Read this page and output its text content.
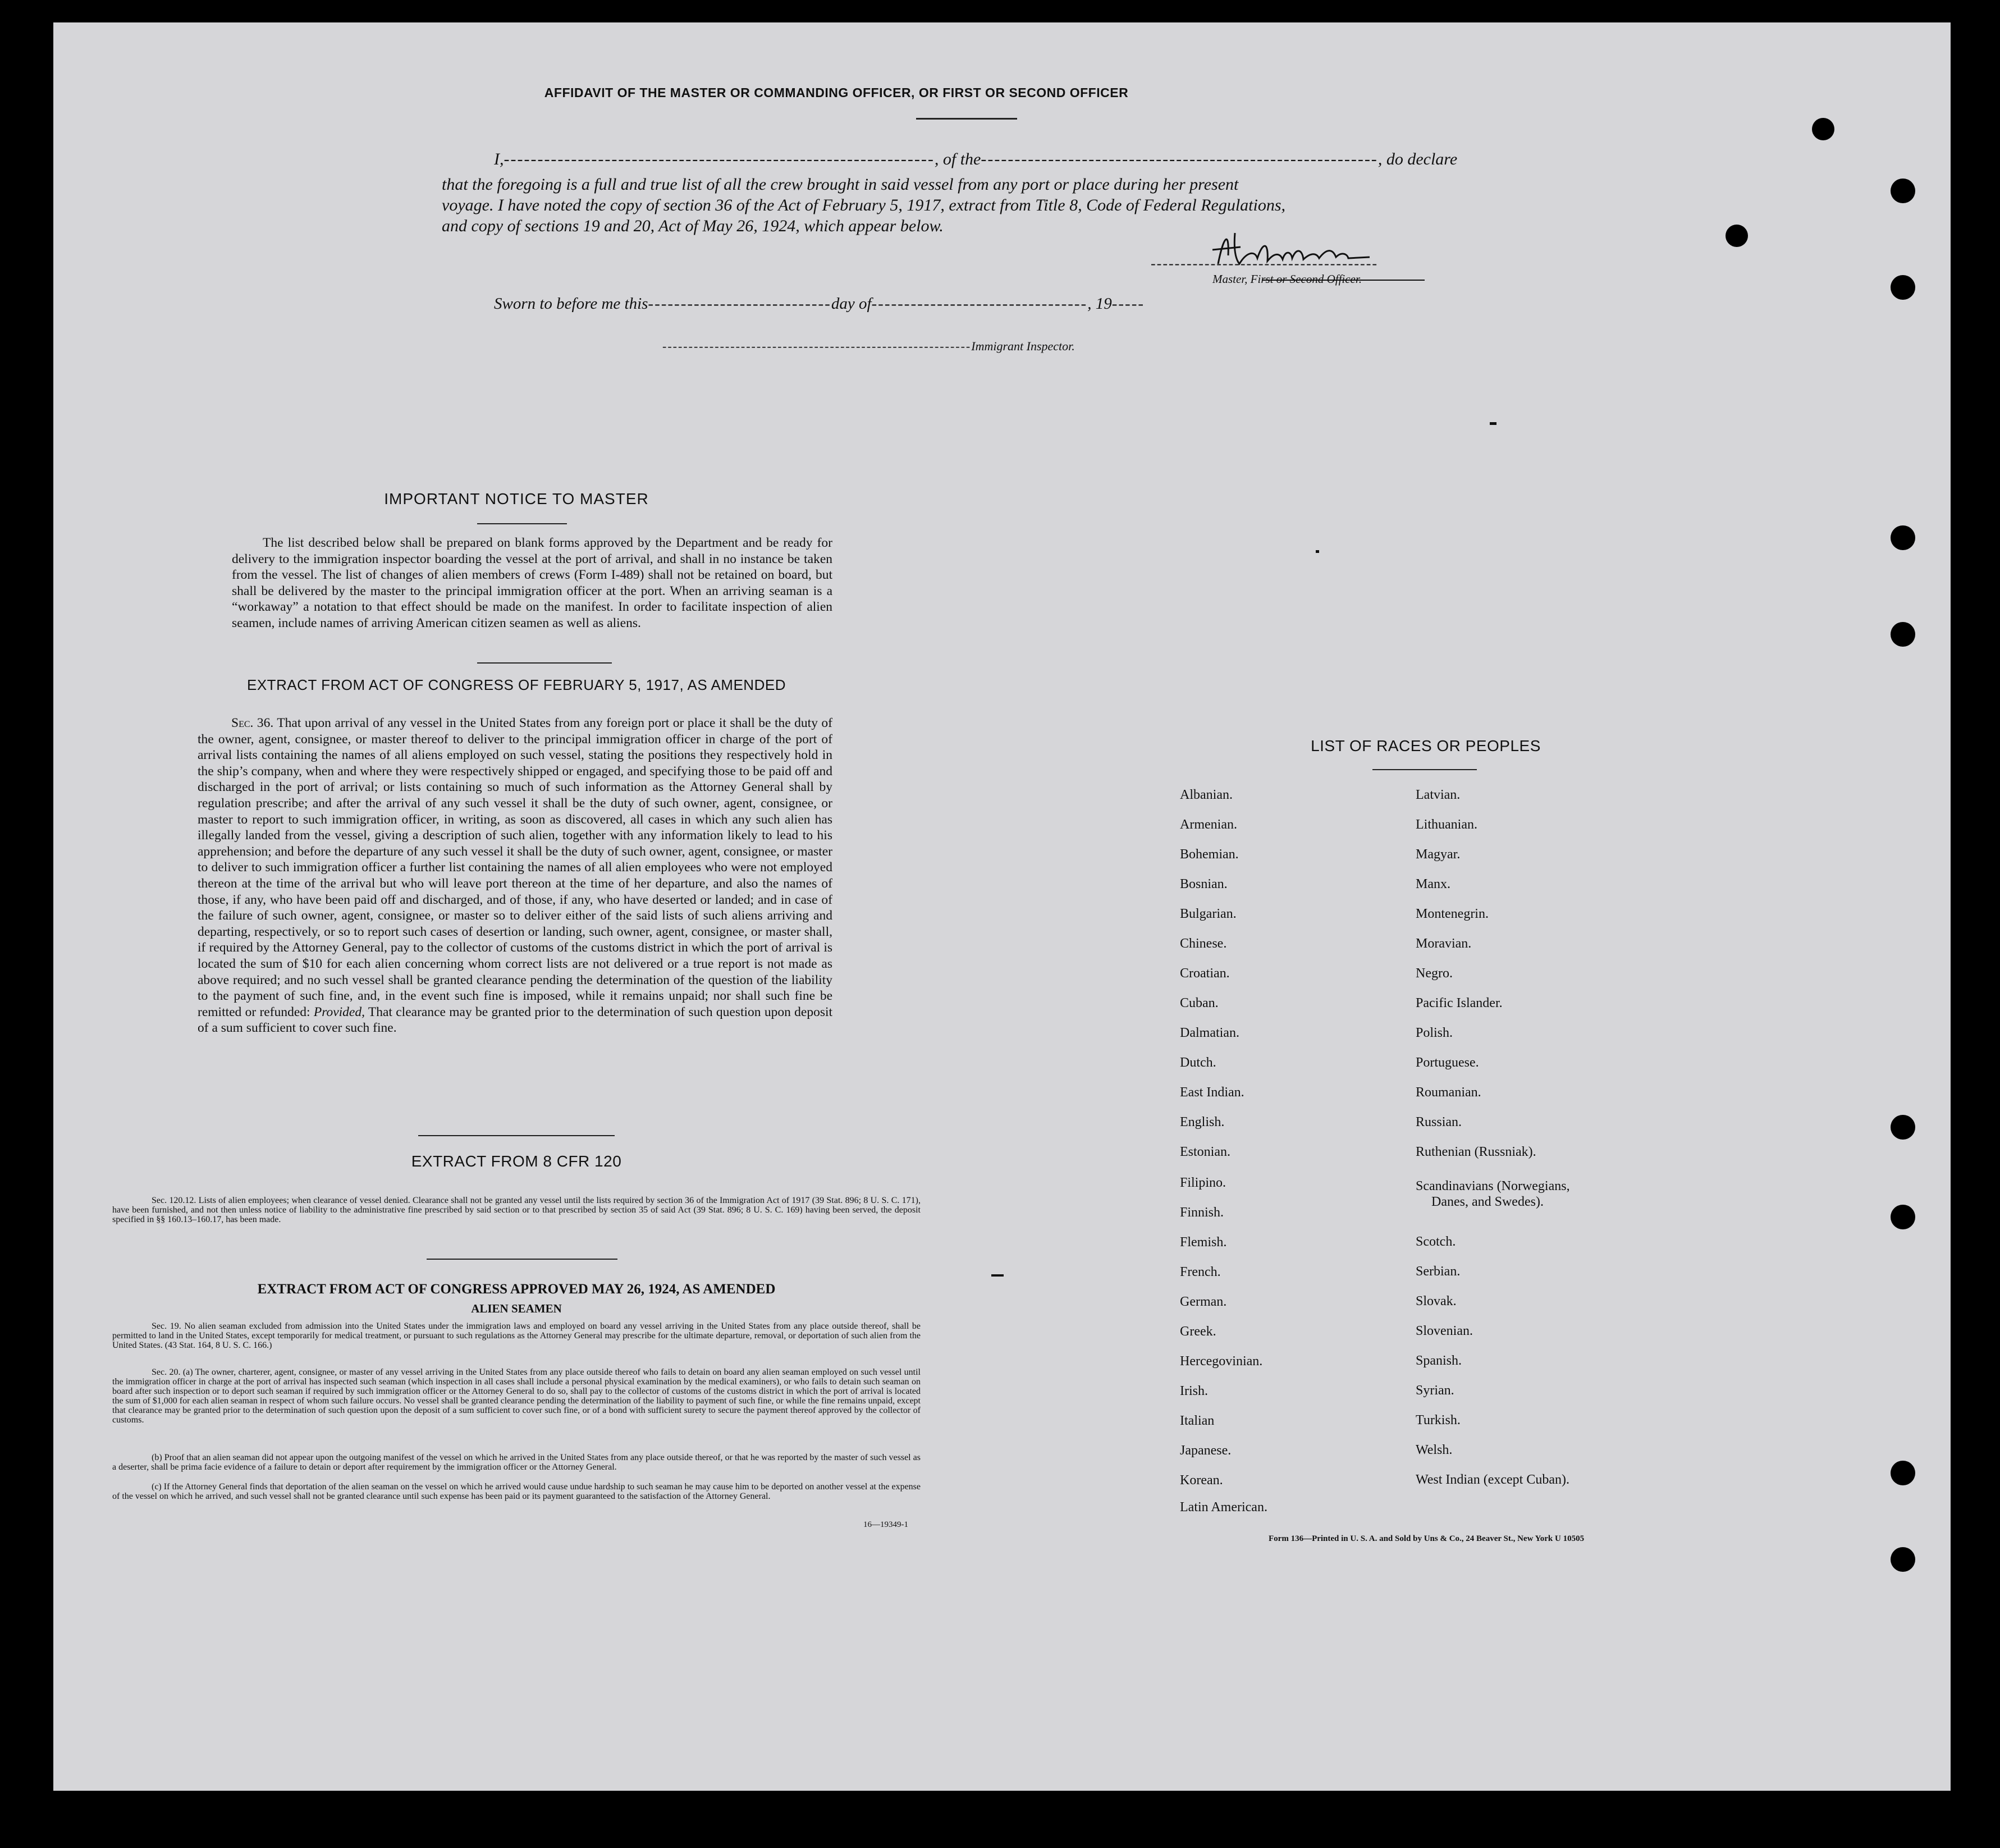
AFFIDAVIT OF THE MASTER OR COMMANDING OFFICER, OR FIRST OR SECOND OFFICER
I,----------------------------------------------------------------, of the-----------------------------------------------------------, do declare
that the foregoing is a full and true list of all the crew brought in said vessel from any port or place during her present
voyage. I have noted the copy of section 36 of the Act of February 5, 1917, extract from Title 8, Code of Federal Regulations,
and copy of sections 19 and 20, Act of May 26, 1924, which appear below.
--------------------------------------
Master, First or Second Officer.
Sworn to before me this----------------------------day of---------------------------------, 19-----
-----------------------------------------------------------Immigrant Inspector.
IMPORTANT NOTICE TO MASTER
The list described below shall be prepared on blank forms approved by the Department and be ready for delivery to the immigration inspector boarding the vessel at the port of arrival, and shall in no instance be taken from the vessel. The list of changes of alien members of crews (Form I-489) shall not be retained on board, but shall be delivered by the master to the principal immigration officer at the port. When an arriving seaman is a “workaway” a notation to that effect should be made on the manifest. In order to facilitate inspection of alien seamen, include names of arriving American citizen seamen as well as aliens.
EXTRACT FROM ACT OF CONGRESS OF FEBRUARY 5, 1917, AS AMENDED
Sec. 36. That upon arrival of any vessel in the United States from any foreign port or place it shall be the duty of the owner, agent, consignee, or master thereof to deliver to the principal immigration officer in charge of the port of arrival lists containing the names of all aliens employed on such vessel, stating the positions they respectively hold in the ship’s company, when and where they were respectively shipped or engaged, and specifying those to be paid off and discharged in the port of arrival; or lists containing so much of such information as the Attorney General shall by regulation prescribe; and after the arrival of any such vessel it shall be the duty of such owner, agent, consignee, or master to report to such immigration officer, in writing, as soon as discovered, all cases in which any such alien has illegally landed from the vessel, giving a description of such alien, together with any information likely to lead to his apprehension; and before the departure of any such vessel it shall be the duty of such owner, agent, consignee, or master to deliver to such immigration officer a further list containing the names of all alien employees who were not employed thereon at the time of the arrival but who will leave port thereon at the time of her departure, and also the names of those, if any, who have been paid off and discharged, and of those, if any, who have deserted or landed; and in case of the failure of such owner, agent, consignee, or master so to deliver either of the said lists of such aliens arriving and departing, respectively, or so to report such cases of desertion or landing, such owner, agent, consignee, or master shall, if required by the Attorney General, pay to the collector of customs of the customs district in which the port of arrival is located the sum of $10 for each alien concerning whom correct lists are not delivered or a true report is not made as above required; and no such vessel shall be granted clearance pending the determination of the question of the liability to the payment of such fine, and, in the event such fine is imposed, while it remains unpaid; nor shall such fine be remitted or refunded: Provided, That clearance may be granted prior to the determination of such question upon deposit of a sum sufficient to cover such fine.
EXTRACT FROM 8 CFR 120
Sec. 120.12. Lists of alien employees; when clearance of vessel denied. Clearance shall not be granted any vessel until the lists required by section 36 of the Immigration Act of 1917 (39 Stat. 896; 8 U. S. C. 171), have been furnished, and not then unless notice of liability to the administrative fine prescribed by said section or to that prescribed by section 35 of said Act (39 Stat. 896; 8 U. S. C. 169) having been served, the deposit specified in §§ 160.13–160.17, has been made.
EXTRACT FROM ACT OF CONGRESS APPROVED MAY 26, 1924, AS AMENDED
ALIEN SEAMEN
Sec. 19. No alien seaman excluded from admission into the United States under the immigration laws and employed on board any vessel arriving in the United States from any place outside thereof, shall be permitted to land in the United States, except temporarily for medical treatment, or pursuant to such regulations as the Attorney General may prescribe for the ultimate departure, removal, or deportation of such alien from the United States. (43 Stat. 164, 8 U. S. C. 166.)
Sec. 20. (a) The owner, charterer, agent, consignee, or master of any vessel arriving in the United States from any place outside thereof who fails to detain on board any alien seaman employed on such vessel until the immigration officer in charge at the port of arrival has inspected such seaman (which inspection in all cases shall include a personal physical examination by the medical examiners), or who fails to detain such seaman on board after such inspection or to deport such seaman if required by such immigration officer or the Attorney General to do so, shall pay to the collector of customs of the customs district in which the port of arrival is located the sum of $1,000 for each alien seaman in respect of whom such failure occurs. No vessel shall be granted clearance pending the determination of the liability to payment of such fine, or while the fine remains unpaid, except that clearance may be granted prior to the determination of such question upon the deposit of a sum sufficient to cover such fine, or of a bond with sufficient surety to secure the payment thereof approved by the collector of customs.
(b) Proof that an alien seaman did not appear upon the outgoing manifest of the vessel on which he arrived in the United States from any place outside thereof, or that he was reported by the master of such vessel as a deserter, shall be prima facie evidence of a failure to detain or deport after requirement by the immigration officer or the Attorney General.
(c) If the Attorney General finds that deportation of the alien seaman on the vessel on which he arrived would cause undue hardship to such seaman he may cause him to be deported on another vessel at the expense of the vessel on which he arrived, and such vessel shall not be granted clearance until such expense has been paid or its payment guaranteed to the satisfaction of the Attorney General.
16—19349-1
LIST OF RACES OR PEOPLES
Albanian.
Armenian.
Bohemian.
Bosnian.
Bulgarian.
Chinese.
Croatian.
Cuban.
Dalmatian.
Dutch.
East Indian.
English.
Estonian.
Filipino.
Finnish.
Flemish.
French.
German.
Greek.
Hercegovinian.
Irish.
Italian
Japanese.
Korean.
Latin American.
Latvian.
Lithuanian.
Magyar.
Manx.
Montenegrin.
Moravian.
Negro.
Pacific Islander.
Polish.
Portuguese.
Roumanian.
Russian.
Ruthenian (Russniak).
Scandinavians (Norwegians,
Danes, and Swedes).
Scotch.
Serbian.
Slovak.
Slovenian.
Spanish.
Syrian.
Turkish.
Welsh.
West Indian (except Cuban).
Form 136—Printed in U. S. A. and Sold by Uns & Co., 24 Beaver St., New York U 10505
